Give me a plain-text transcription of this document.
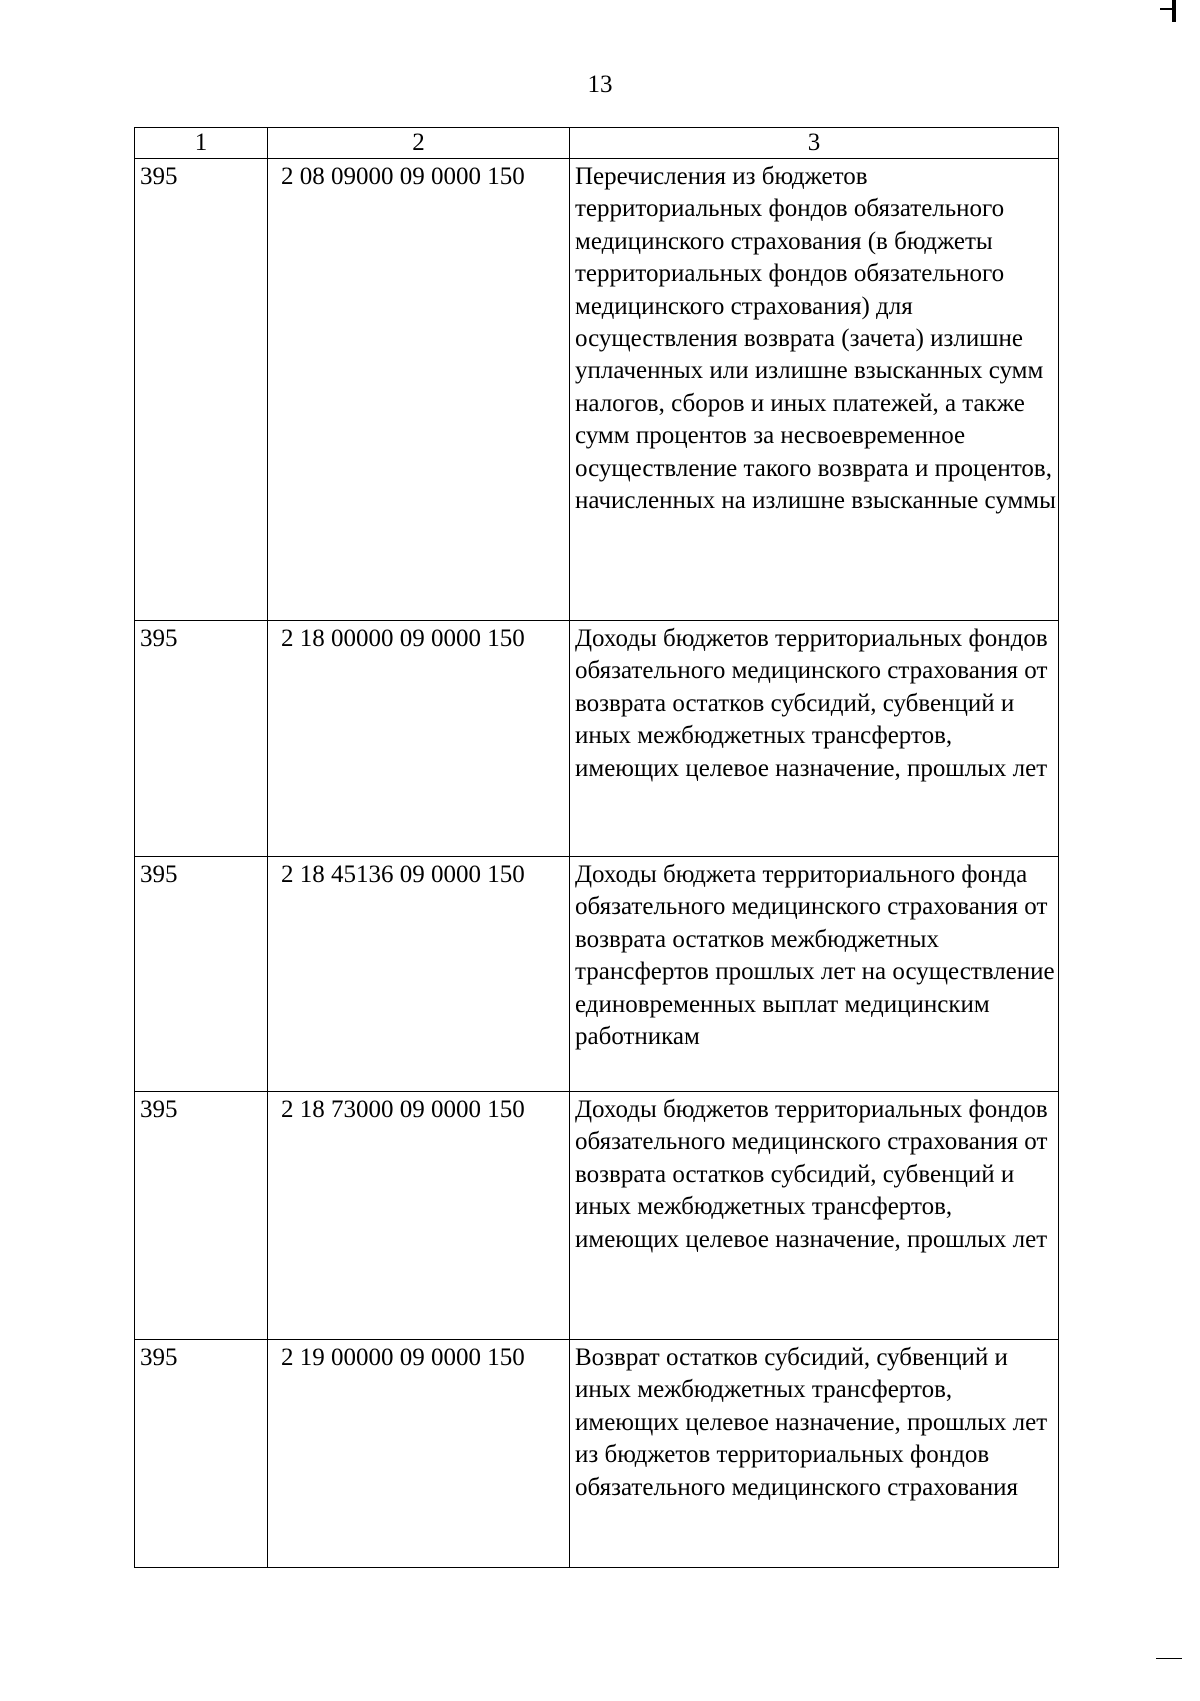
13
1	2	3
395	2 08 09000 09 0000 150	Перечисления из бюджетов территориальных фондов обязательного медицинского страхования (в бюджеты территориальных фондов обязательного медицинского страхования) для осуществления возврата (зачета) излишне уплаченных или излишне взысканных сумм налогов, сборов и иных платежей, а также сумм процентов за несвоевременное осуществление такого возврата и процентов, начисленных на излишне взысканные суммы
395	2 18 00000 09 0000 150	Доходы бюджетов территориальных фондов обязательного медицинского страхования от возврата остатков субсидий, субвенций и иных межбюджетных трансфертов, имеющих целевое назначение, прошлых лет
395	2 18 45136 09 0000 150	Доходы бюджета территориального фонда обязательного медицинского страхования от возврата остатков межбюджетных трансфертов прошлых лет на осуществление единовременных выплат медицинским работникам
395	2 18 73000 09 0000 150	Доходы бюджетов территориальных фондов обязательного медицинского страхования от возврата остатков субсидий, субвенций и иных межбюджетных трансфертов, имеющих целевое назначение, прошлых лет
395	2 19 00000 09 0000 150	Возврат остатков субсидий, субвенций и иных межбюджетных трансфертов, имеющих целевое назначение, прошлых лет из бюджетов территориальных фондов обязательного медицинского страхования
